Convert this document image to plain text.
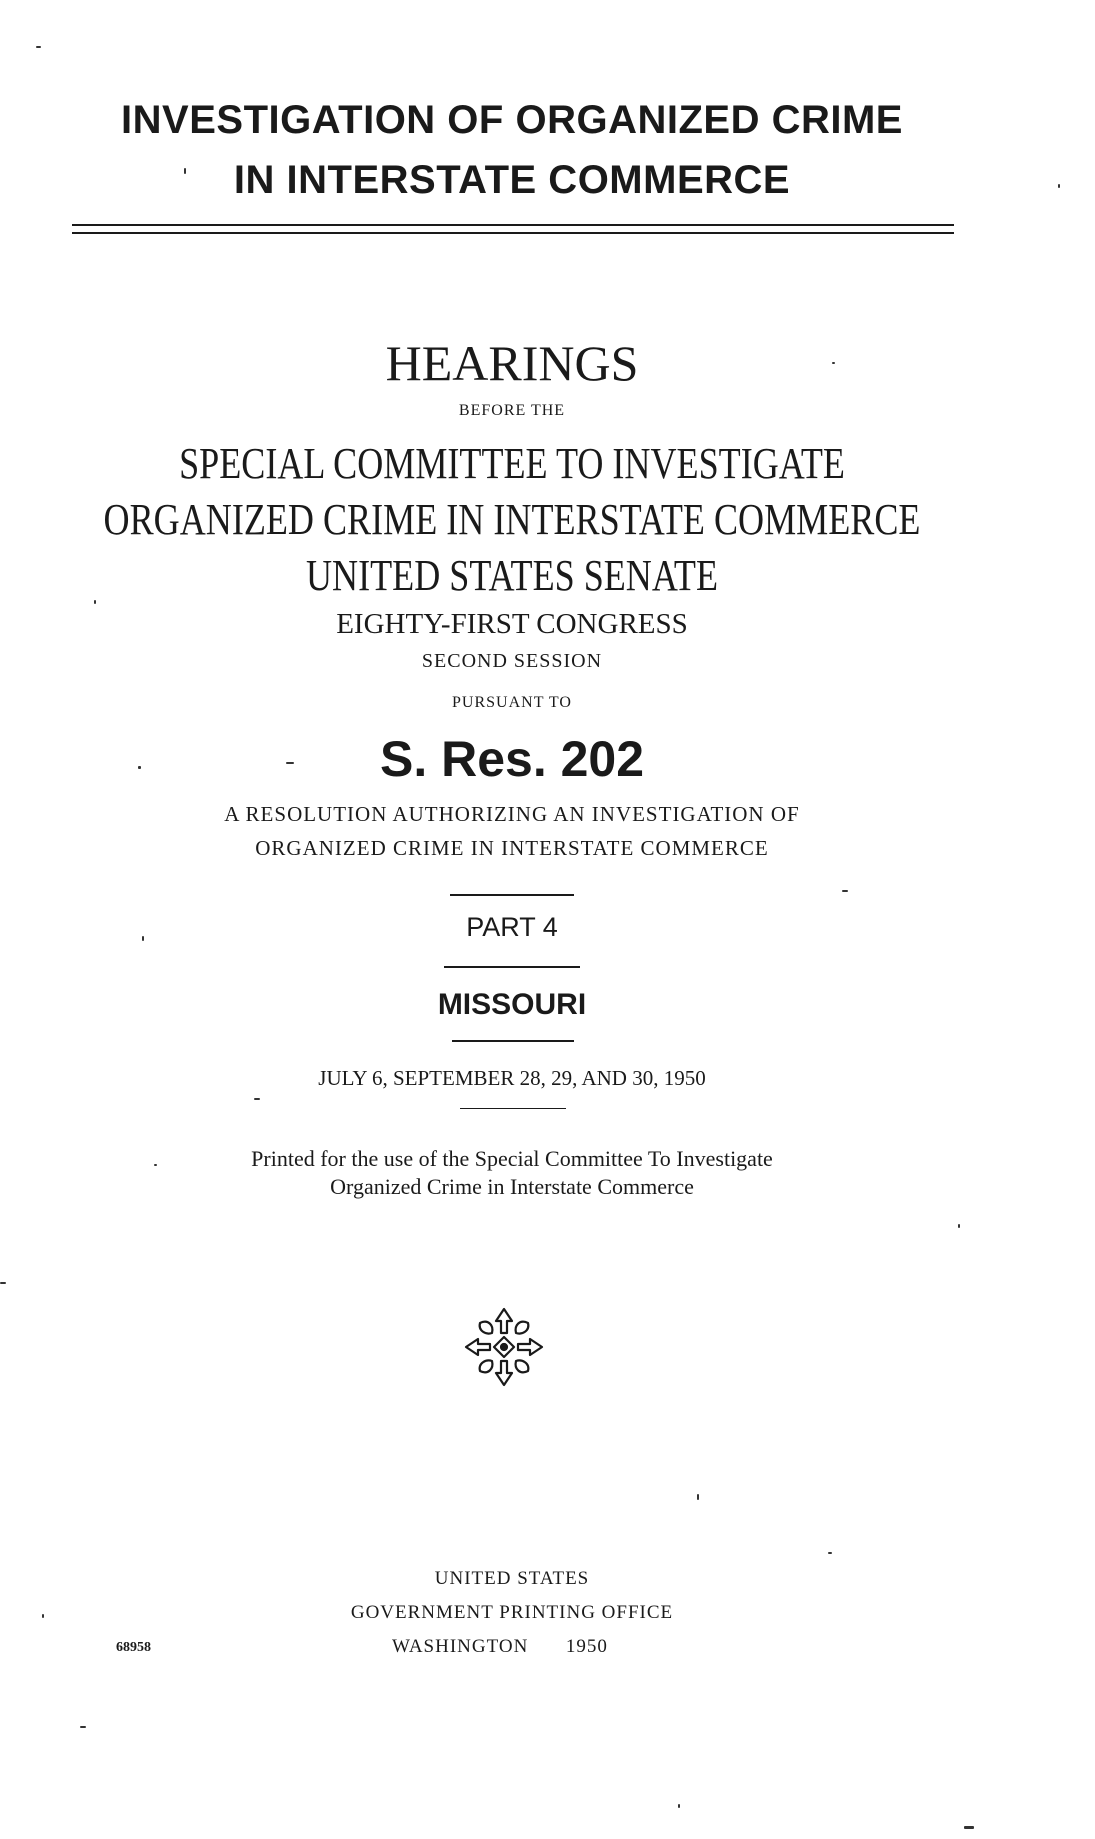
INVESTIGATION OF ORGANIZED CRIME
IN INTERSTATE COMMERCE
HEARINGS
BEFORE THE
SPECIAL COMMITTEE TO INVESTIGATE
ORGANIZED CRIME IN INTERSTATE COMMERCE
UNITED STATES SENATE
EIGHTY-FIRST CONGRESS
SECOND SESSION
PURSUANT TO
S. Res. 202
A RESOLUTION AUTHORIZING AN INVESTIGATION OF
ORGANIZED CRIME IN INTERSTATE COMMERCE
PART 4
MISSOURI
JULY 6, SEPTEMBER 28, 29, AND 30, 1950
Printed for the use of the Special Committee To Investigate
Organized Crime in Interstate Commerce
UNITED STATES
GOVERNMENT PRINTING OFFICE
WASHINGTON 1950
68958
